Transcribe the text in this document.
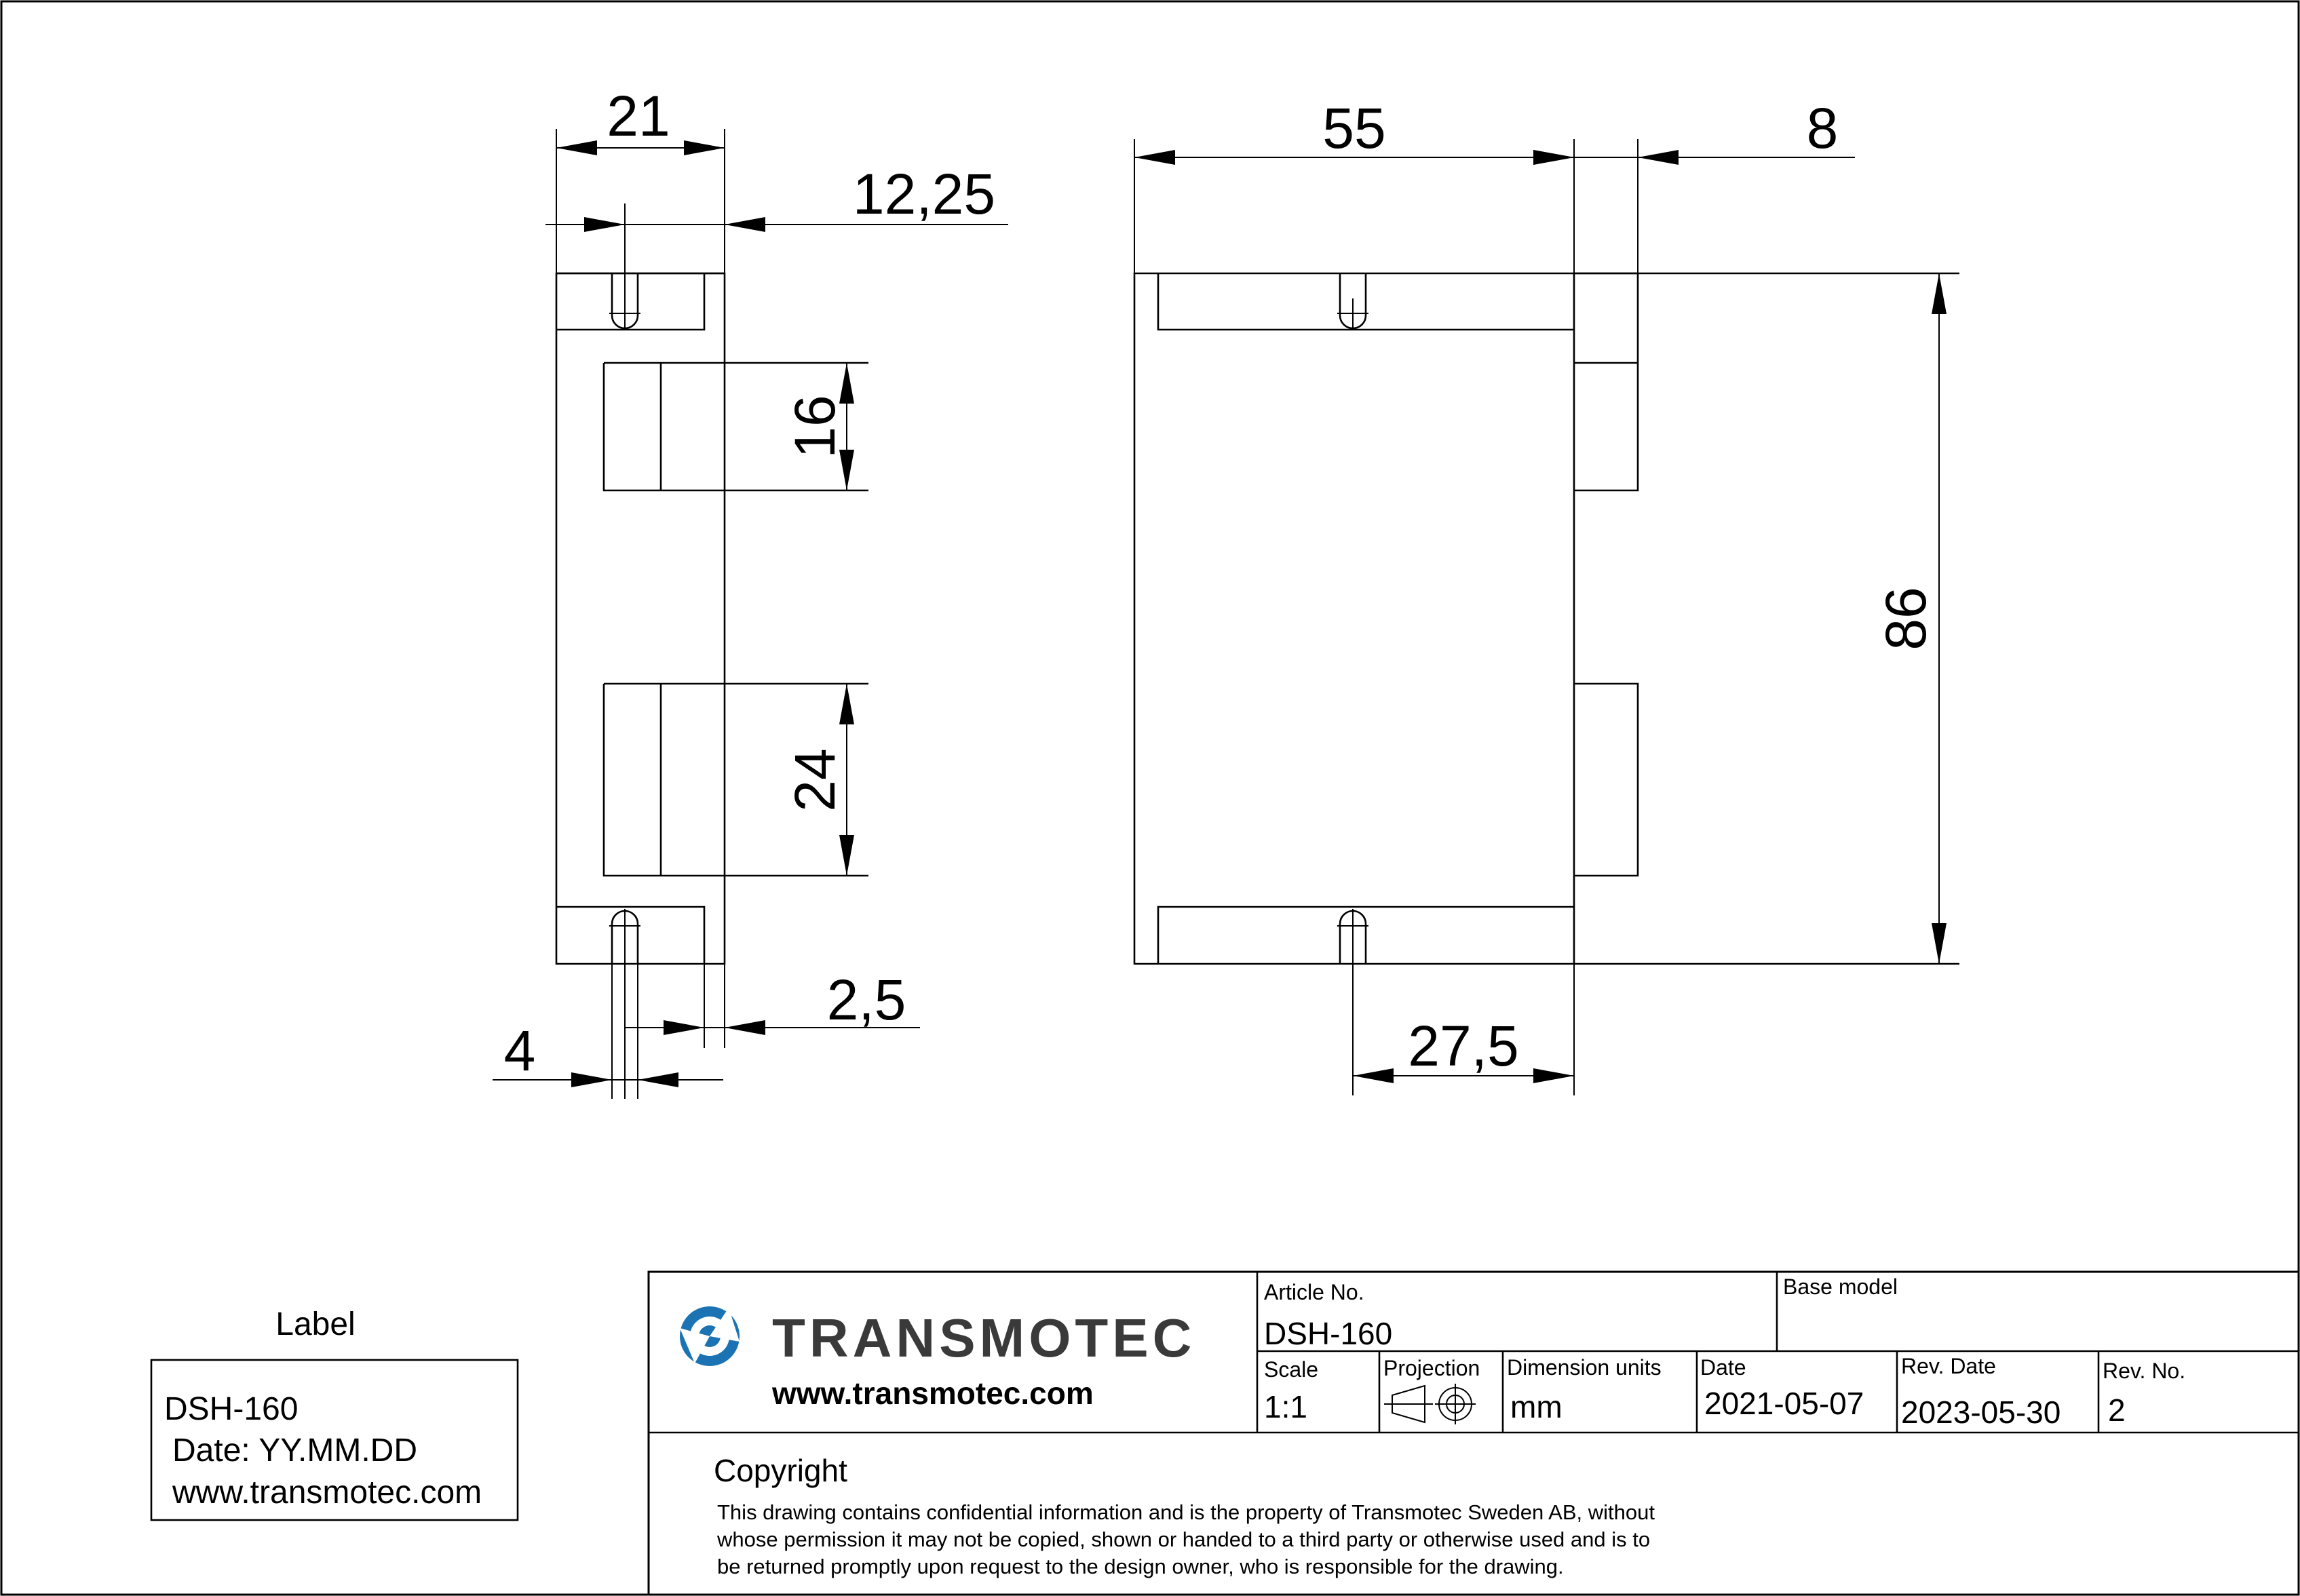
21
12,25
16
24
2,5
4
55	8
86
27,5
Label
DSH-160
Date: YY.MM.DD
www.transmotec.com
TRANSMOTEC
www.transmotec.com
Article No.
DSH-160
Base model
Scale
1:1
Projection Dimension units
mm
Date
2021-05-07
Rev. Date
2023-05-30
Rev. No.
2
Copyright
This drawing contains confidential information and is the property of Transmotec Sweden AB, without
whose permission it may not be copied, shown or handed to a third party or otherwise used and is to
be returned promptly upon request to the design owner, who is responsible for the drawing.
